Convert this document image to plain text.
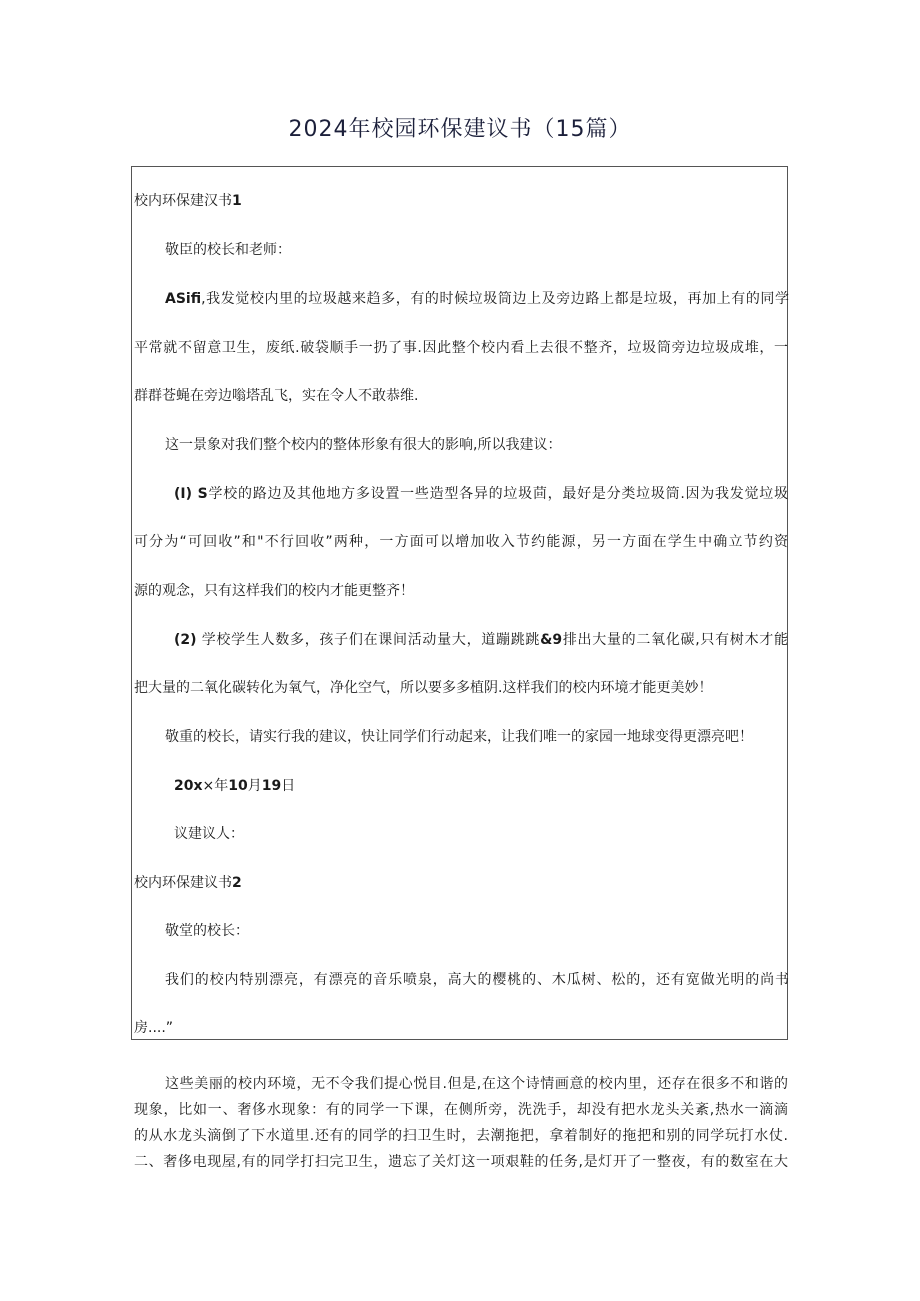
2024年校园环保建议书（15篇）
校内环保建汉书1
敬臣的校长和老师：
ASifi,我发觉校内里的垃圾越来趋多，有的时候垃圾筒边上及旁边路上都是垃圾，再加上有的同学
平常就不留意卫生，废纸.破袋顺手一扔了事.因此整个校内看上去很不整齐，垃圾筒旁边垃圾成堆，一
群群苍蝇在旁边嗡塔乱飞，实在令人不敢恭维.
这一景象对我们整个校内的整体形象有很大的影响,所以我建议：
(I) S学校的路边及其他地方多设置一些造型各异的垃圾茴，最好是分类垃圾筒.因为我发觉垃圾
可分为“可回收”和"不行回收”两种，一方面可以增加收入节约能源，另一方面在学生中确立节约资
源的观念，只有这样我们的校内才能更整齐！
(2) 学校学生人数多，孩子们在课间活动量大，道蹦跳跳&9排出大量的二氧化碳,只有树木才能
把大量的二氧化碳转化为氧气，净化空气，所以要多多植阴.这样我们的校内环境才能更美妙！
敬重的校长，请实行我的建议，快让同学们行动起来，让我们唯一的家园一地球变得更漂亮吧！
20x×年10月19日
议建议人：
校内环保建议书2
敬堂的校长：
我们的校内特别漂亮，有漂亮的音乐喷泉，高大的樱桃的、木瓜树、松的，还有宽做光明的尚书
房....”
这些美丽的校内环境，无不令我们提心悦目.但是,在这个诗情画意的校内里，还存在很多不和谐的
现象，比如一、奢侈水现象：有的同学一下课，在侧所旁，洗洗手，却没有把水龙头关紊,热水一滴滴
的从水龙头滴倒了下水道里.还有的同学的扫卫生时，去潮拖把，拿着制好的拖把和别的同学玩打水仗.
二、奢侈电现屋,有的同学打扫完卫生，遗忘了关灯这一项艰鞋的任务,是灯开了一整夜，有的数室在大
